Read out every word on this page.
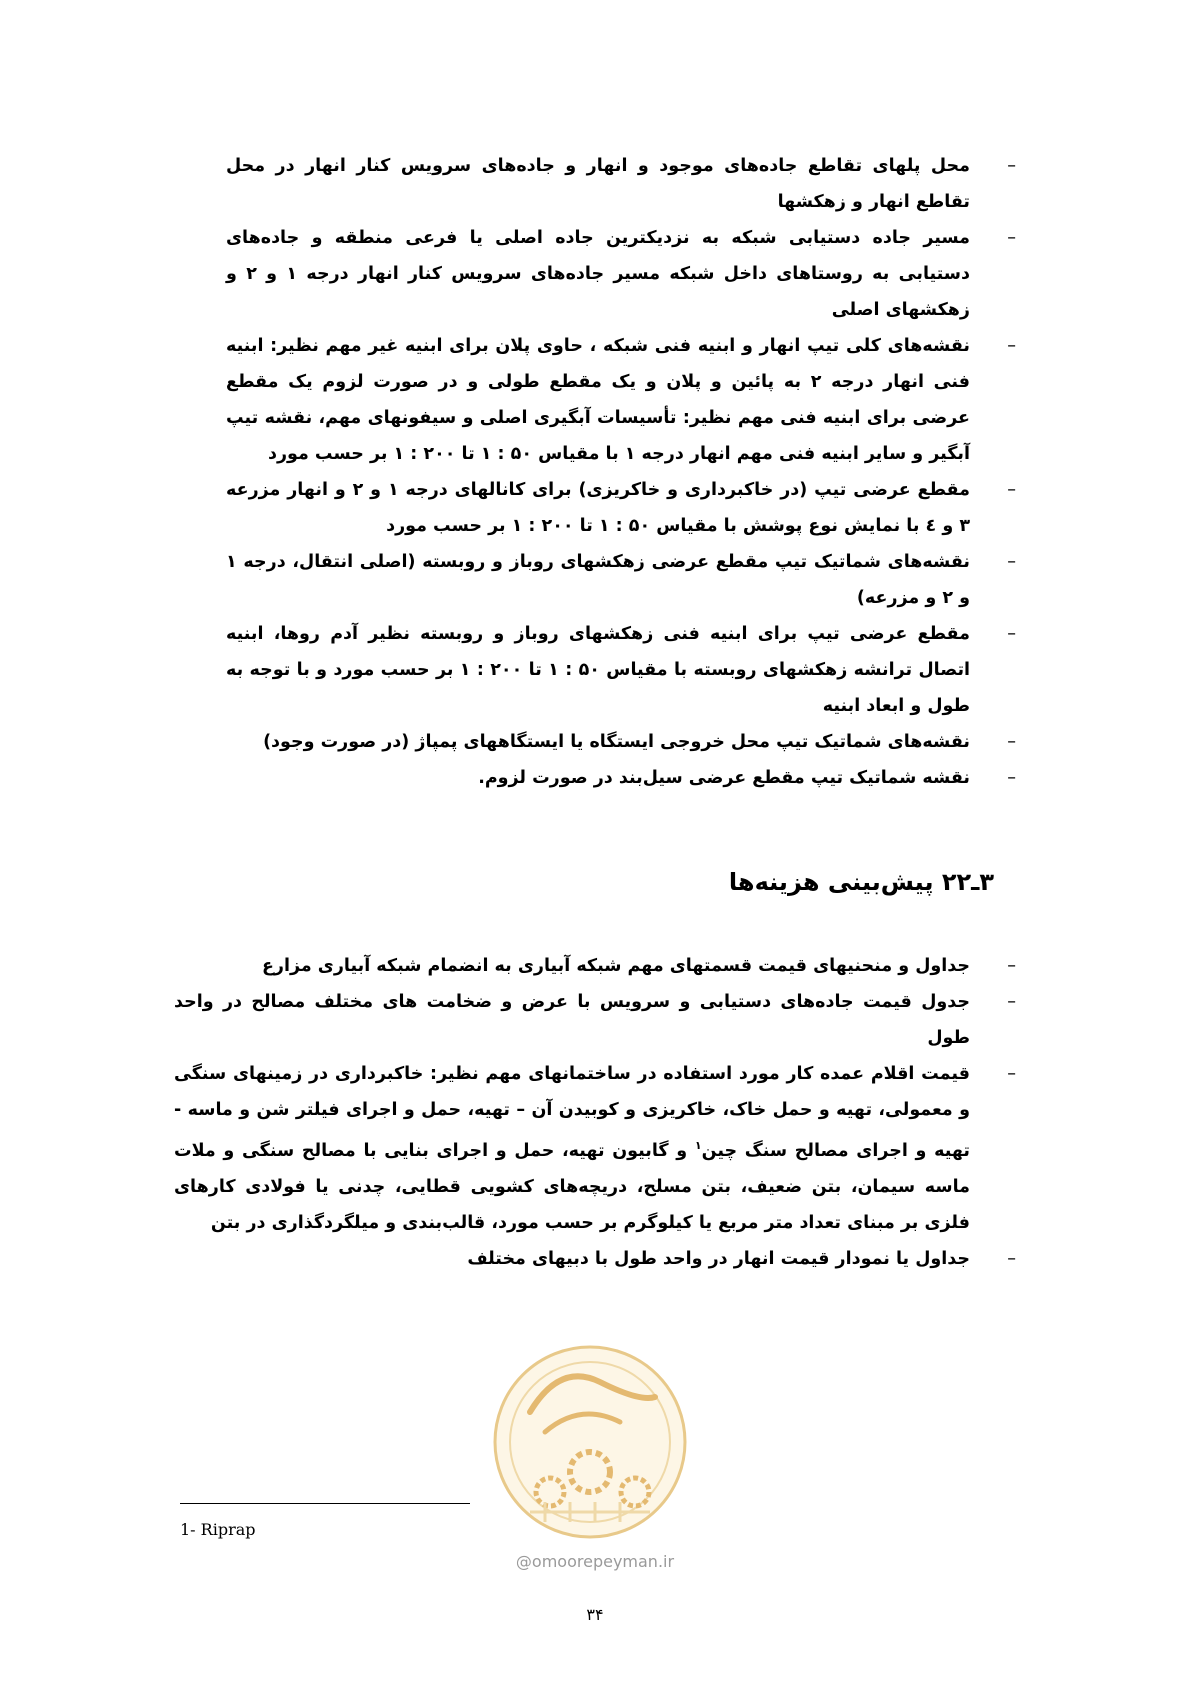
–
محل پلهای تقاطع جاده‌های موجود و انهار و جاده‌های سرویس کنار انهار در محل تقاطع انهار و زهکشها
–
مسیر جاده دستیابی شبکه به نزدیکترین جاده اصلی یا فرعی منطقه و جاده‌های دستیابی به روستاهای داخل شبکه مسیر جاده‌های سرویس کنار انهار درجه ۱ و ۲ و زهکشهای اصلی
–
نقشه‌های کلی تیپ انهار و ابنیه فنی شبکه ، حاوی پلان برای ابنیه غیر مهم نظیر: ابنیه فنی انهار درجه ۲ به پائین و پلان و یک مقطع طولی و در صورت لزوم یک مقطع عرضی برای ابنیه فنی مهم نظیر: تأسیسات آبگیری اصلی و سیفونهای مهم، نقشه تیپ آبگیر و سایر ابنیه فنی مهم انهار درجه ۱ با مقیاس ۵۰ : ۱ تا ۲۰۰ : ۱ بر حسب مورد
–
مقطع عرضی تیپ (در خاکبرداری و خاکریزی) برای کانالهای درجه ۱ و ۲ و انهار مزرعه ۳ و ٤ با نمایش نوع پوشش با مقیاس ۵۰ : ۱ تا ۲۰۰ : ۱ بر حسب مورد
–
نقشه‌های شماتیک تیپ مقطع عرضی زهکشهای روباز و روبسته (اصلی انتقال، درجه ۱ و ۲ و مزرعه)
–
مقطع عرضی تیپ برای ابنیه فنی زهکشهای روباز و روبسته نظیر آدم روها، ابنیه اتصال ترانشه زهکشهای روبسته با مقیاس ۵۰ : ۱ تا ۲۰۰ : ۱ بر حسب مورد و با توجه به طول و ابعاد ابنیه
–
نقشه‌های شماتیک تیپ محل خروجی ایستگاه یا ایستگاههای پمپاژ (در صورت وجود)
–
نقشه شماتیک تیپ مقطع عرضی سیل‌بند در صورت لزوم.
۳ـ۲۲ پیش‌بینی هزینه‌ها
–
جداول و منحنیهای قیمت قسمتهای مهم شبکه آبیاری به انضمام شبکه آبیاری مزارع
–
جدول قیمت جاده‌های دستیابی و سرویس با عرض و ضخامت های مختلف مصالح در واحد طول
–
قیمت اقلام عمده کار مورد استفاده در ساختمانهای مهم نظیر: خاکبرداری در زمینهای سنگی و معمولی، تهیه و حمل خاک، خاکریزی و کوبیدن آن – تهیه، حمل و اجرای فیلتر شن و ماسه - تهیه و اجرای مصالح سنگ چین$^۱$ و گابیون تهیه، حمل و اجرای بنایی با مصالح سنگی و ملات ماسه سیمان، بتن ضعیف، بتن مسلح، دریچه‌های کشویی قطایی، چدنی یا فولادی کارهای فلزی بر مبنای تعداد متر مربع یا کیلوگرم بر حسب مورد، قالب‌بندی و میلگردگذاری در بتن
–
جداول یا نمودار قیمت انهار در واحد طول با دبیهای مختلف
@omoorepeyman.ir
1- Riprap
۳۴
